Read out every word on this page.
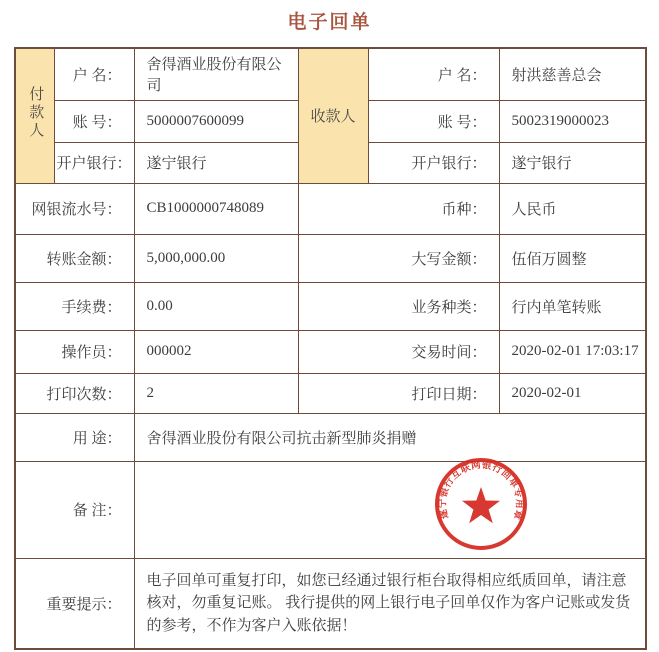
电子回单
付款人	户 名：	舍得酒业股份有限公司	收款人	户 名：	射洪慈善总会
	账 号：	5000007600099		账 号：	5002319000023
	开户银行：	遂宁银行		开户银行：	遂宁银行
网银流水号：		CB1000000748089	币种：		人民币
转账金额：		5,000,000.00	大写金额：		伍佰万圆整
手续费：		0.00	业务种类：		行内单笔转账
操作员：		000002	交易时间：		2020-02-01 17:03:17
打印次数：		2	打印日期：		2020-02-01
用 途：		舍得酒业股份有限公司抗击新型肺炎捐赠			
备 注：		遂宁银行互联网银行回单专用章			

重要提示：		电子回单可重复打印，如您已经通过银行柜台取得相应纸质回单，请注意核对，勿重复记账。 我行提供的网上银行电子回单仅作为客户记账或发货的参考，不作为客户入账依据！			
